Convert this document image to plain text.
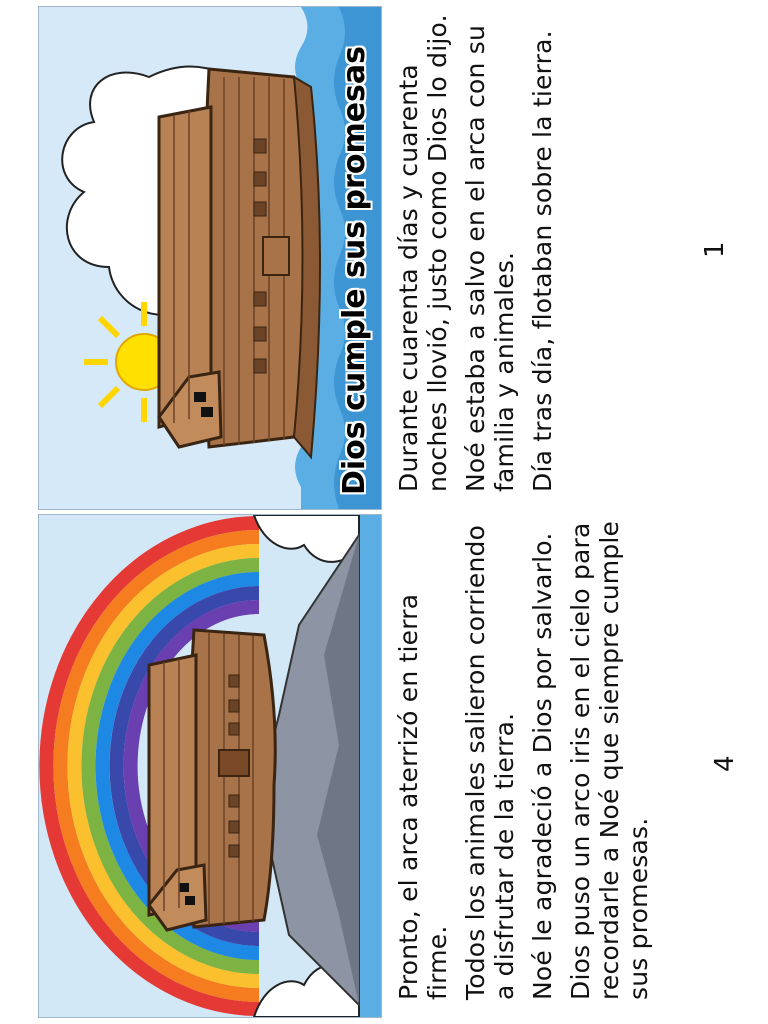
Dios cumple sus promesas Durante cuarenta días y cuarenta noches llovió, justo como Dios lo dijo. Noé estaba a salvo en el arca con su familia y animales. Día tras día, flotaban sobre la tierra.	1

Pronto, el arca aterrizó en tierra firme. Todos los animales salieron corriendo a disfrutar de la tierra. Noé le agradeció a Dios por salvarlo. Dios puso un arco iris en el cielo para recordarle a Noé que siempre cumple sus promesas.

4
